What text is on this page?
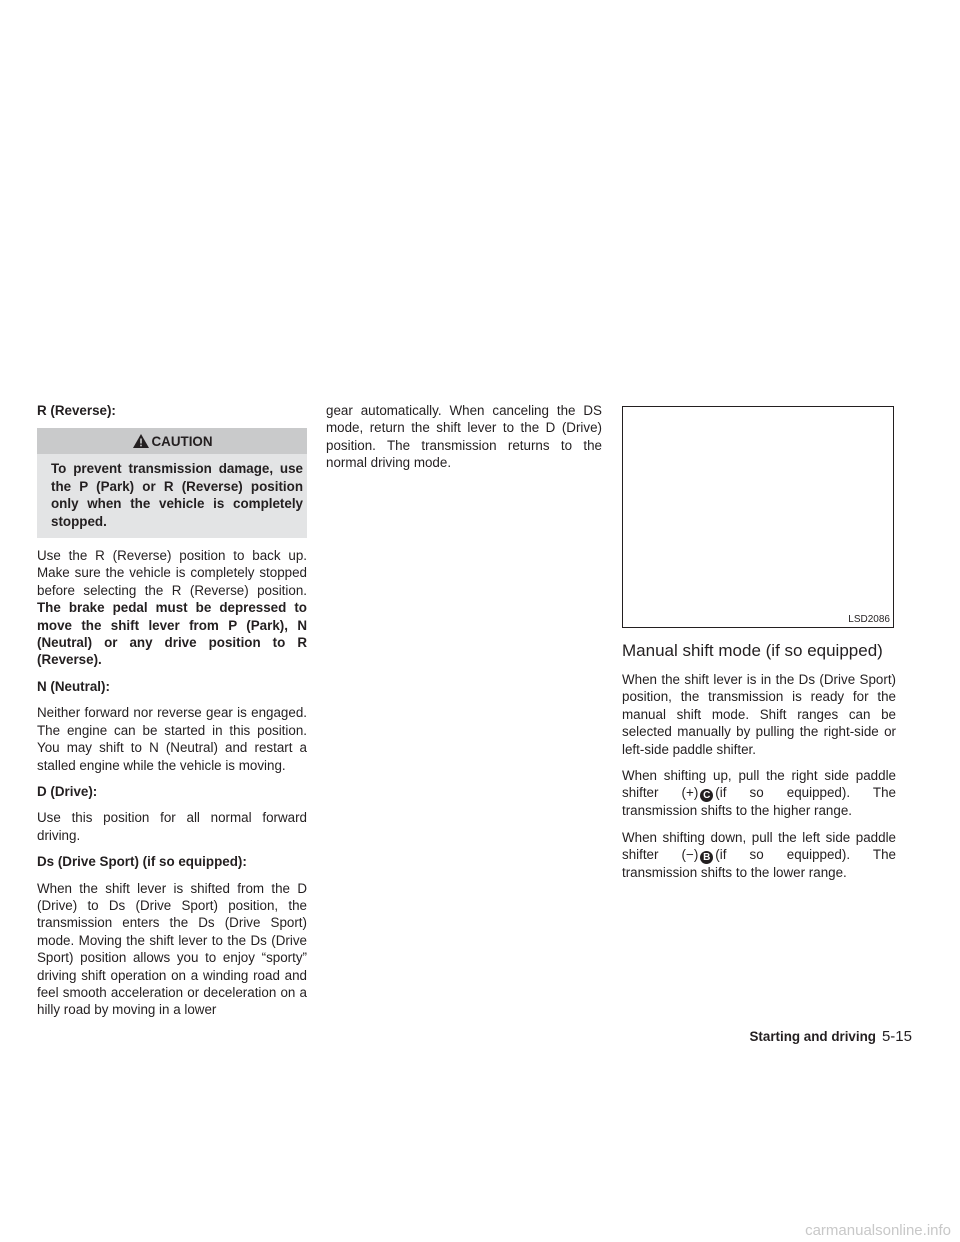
R (Reverse):
CAUTION
To prevent transmission damage, use the P (Park) or R (Reverse) position only when the vehicle is completely stopped.

Use the R (Reverse) position to back up. Make sure the vehicle is completely stopped before selecting the R (Reverse) position. The brake pedal must be depressed to move the shift lever from P (Park), N (Neutral) or any drive position to R (Reverse).

N (Neutral):

Neither forward nor reverse gear is engaged. The engine can be started in this position. You may shift to N (Neutral) and restart a stalled engine while the vehicle is moving.

D (Drive):

Use this position for all normal forward driving.

Ds (Drive Sport) (if so equipped):

When the shift lever is shifted from the D (Drive) to Ds (Drive Sport) position, the transmission enters the Ds (Drive Sport) mode. Moving the shift lever to the Ds (Drive Sport) position allows you to enjoy “sporty” driving shift operation on a winding road and feel smooth acceleration or deceleration on a hilly road by moving in a lower

gear automatically. When canceling the DS mode, return the shift lever to the D (Drive) position. The transmission returns to the normal driving mode.

LSD2086
Manual shift mode (if so equipped)

When the shift lever is in the Ds (Drive Sport) position, the transmission is ready for the manual shift mode. Shift ranges can be selected manually by pulling the right-side or left-side paddle shifter.

When shifting up, pull the right side paddle shifter (+) C (if so equipped). The transmission shifts to the higher range.

When shifting down, pull the left side paddle shifter (−) B (if so equipped). The transmission shifts to the lower range.

Starting and driving 5-15
carmanualsonline.info
